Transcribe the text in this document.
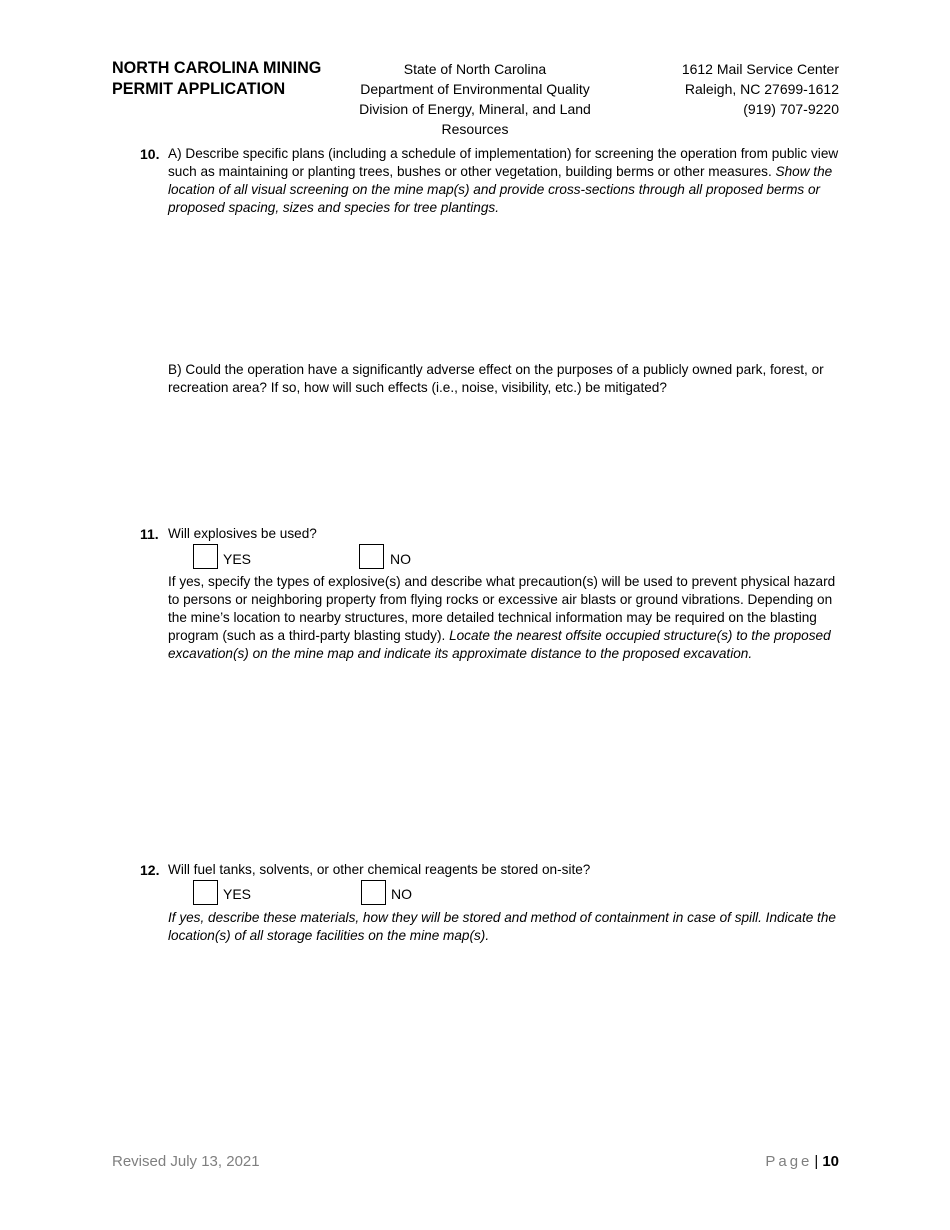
NORTH CAROLINA MINING
PERMIT APPLICATION
State of North Carolina
Department of Environmental Quality
Division of Energy, Mineral, and Land Resources
1612 Mail Service Center
Raleigh, NC 27699-1612
(919) 707-9220
10. A) Describe specific plans (including a schedule of implementation) for screening the operation from public view such as maintaining or planting trees, bushes or other vegetation, building berms or other measures. Show the location of all visual screening on the mine map(s) and provide cross-sections through all proposed berms or proposed spacing, sizes and species for tree plantings.
B) Could the operation have a significantly adverse effect on the purposes of a publicly owned park, forest, or recreation area? If so, how will such effects (i.e., noise, visibility, etc.) be mitigated?
11. Will explosives be used?
YES	NO
If yes, specify the types of explosive(s) and describe what precaution(s) will be used to prevent physical hazard to persons or neighboring property from flying rocks or excessive air blasts or ground vibrations. Depending on the mine’s location to nearby structures, more detailed technical information may be required on the blasting program (such as a third-party blasting study). Locate the nearest offsite occupied structure(s) to the proposed excavation(s) on the mine map and indicate its approximate distance to the proposed excavation.
12. Will fuel tanks, solvents, or other chemical reagents be stored on-site?
YES	NO
If yes, describe these materials, how they will be stored and method of containment in case of spill. Indicate the location(s) of all storage facilities on the mine map(s).
Revised July 13, 2021	Page | 10
